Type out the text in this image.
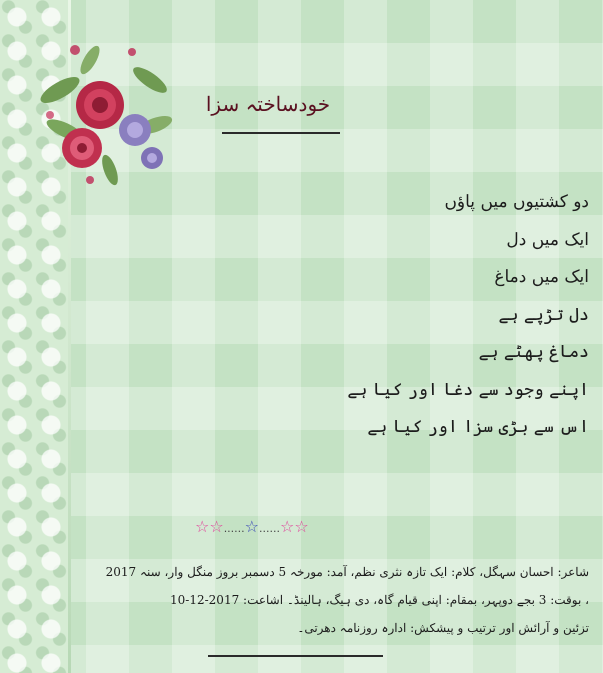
خودساختہ سزا
دو کشتیوں میں پاؤں
ایک میں دل
ایک میں دماغ
دل تڑپے ہے
دماغ پھٹے ہے
اپنے وجود سے دغا اور کیا ہے
اس سے بڑی سزا اور کیا ہے
☆☆......☆......☆☆
شاعر: احسان سہگل، کلام: ایک تازہ نثری نظم، آمد: مورخہ 5 دسمبر بروز منگل وار، سنہ 2017
، بوقت: 3 بجے دوپہر، بمقام: اپنی قیام گاہ، دی ہیگ، ہالینڈ۔ اشاعت: 2017-12-10
تزئین و آرائش اور ترتیب و پیشکش: ادارہ روزنامہ دھرتی۔
